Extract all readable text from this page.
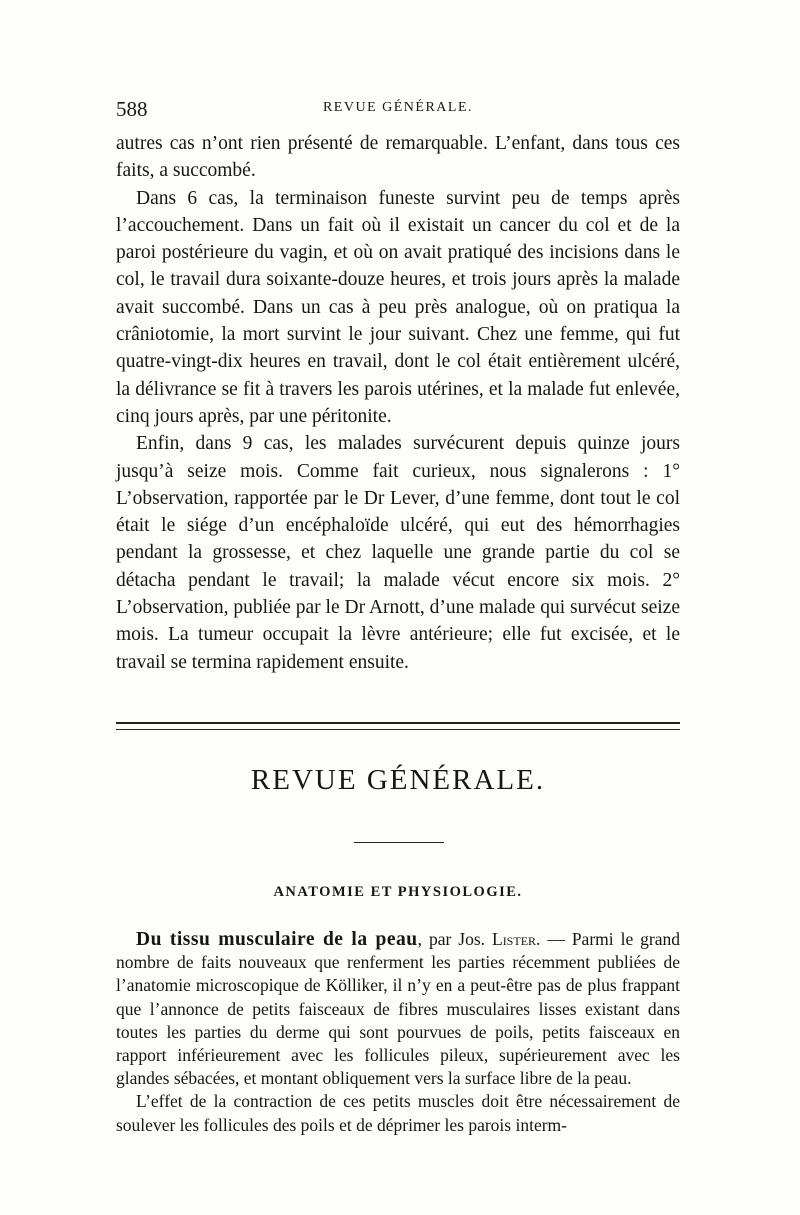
588	REVUE GÉNÉRALE.

autres cas n’ont rien présenté de remarquable. L’enfant, dans tous ces faits, a succombé.

Dans 6 cas, la terminaison funeste survint peu de temps après l’accouchement. Dans un fait où il existait un cancer du col et de la paroi postérieure du vagin, et où on avait pratiqué des incisions dans le col, le travail dura soixante-douze heures, et trois jours après la malade avait succombé. Dans un cas à peu près analogue, où on pratiqua la crâniotomie, la mort survint le jour suivant. Chez une femme, qui fut quatre-vingt-dix heures en travail, dont le col était entièrement ulcéré, la délivrance se fit à travers les parois utérines, et la malade fut enlevée, cinq jours après, par une péritonite.

Enfin, dans 9 cas, les malades survécurent depuis quinze jours jusqu’à seize mois. Comme fait curieux, nous signalerons : 1° L’observation, rapportée par le Dr Lever, d’une femme, dont tout le col était le siége d’un encéphaloïde ulcéré, qui eut des hémorrhagies pendant la grossesse, et chez laquelle une grande partie du col se détacha pendant le travail; la malade vécut encore six mois. 2° L’observation, publiée par le Dr Arnott, d’une malade qui survécut seize mois. La tumeur occupait la lèvre antérieure; elle fut excisée, et le travail se termina rapidement ensuite.

REVUE GÉNÉRALE.
ANATOMIE ET PHYSIOLOGIE.

Du tissu musculaire de la peau, par Jos. Lister. — Parmi le grand nombre de faits nouveaux que renferment les parties récemment publiées de l’anatomie microscopique de Kölliker, il n’y en a peut-être pas de plus frappant que l’annonce de petits faisceaux de fibres musculaires lisses existant dans toutes les parties du derme qui sont pourvues de poils, petits faisceaux en rapport inférieurement avec les follicules pileux, supérieurement avec les glandes sébacées, et montant obliquement vers la surface libre de la peau.

L’effet de la contraction de ces petits muscles doit être nécessairement de soulever les follicules des poils et de déprimer les parois interm-
